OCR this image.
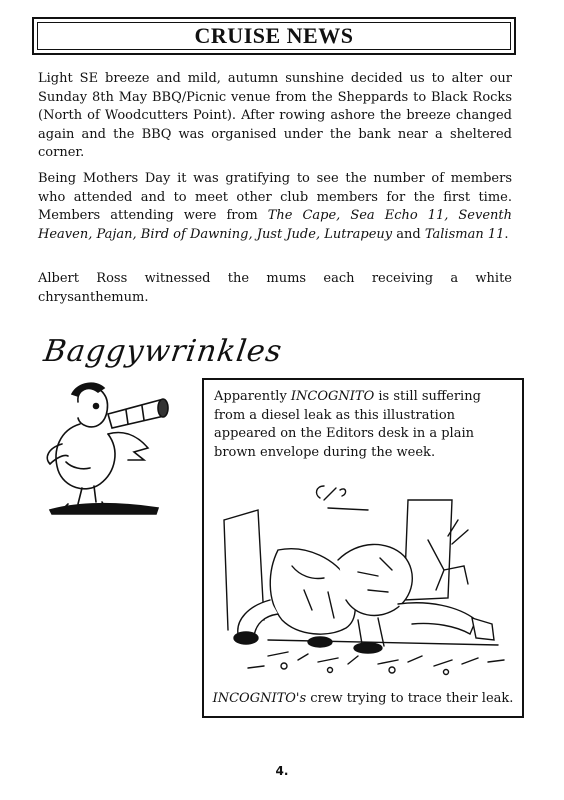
CRUISE NEWS
Light SE breeze and mild, autumn sunshine decided us to alter our Sunday 8th May BBQ/Picnic venue from the Sheppards to Black Rocks (North of Woodcutters Point). After rowing ashore the breeze changed again and the BBQ was organised under the bank near a sheltered corner.
Being Mothers Day it was gratifying to see the number of members who attended and to meet other club members for the first time. Members attending were from The Cape, Sea Echo 11, Seventh Heaven, Pajan, Bird of Dawning, Just Jude, Lutrapeuy and Talisman 11.
Albert Ross witnessed the mums each receiving a white chrysanthemum.
Baggywrinkles
Apparently INCOGNITO is still suffering from a diesel leak as this illustration appeared on the Editors desk in a plain brown envelope during the week.
INCOGNITO's crew trying to trace their leak.
4.
